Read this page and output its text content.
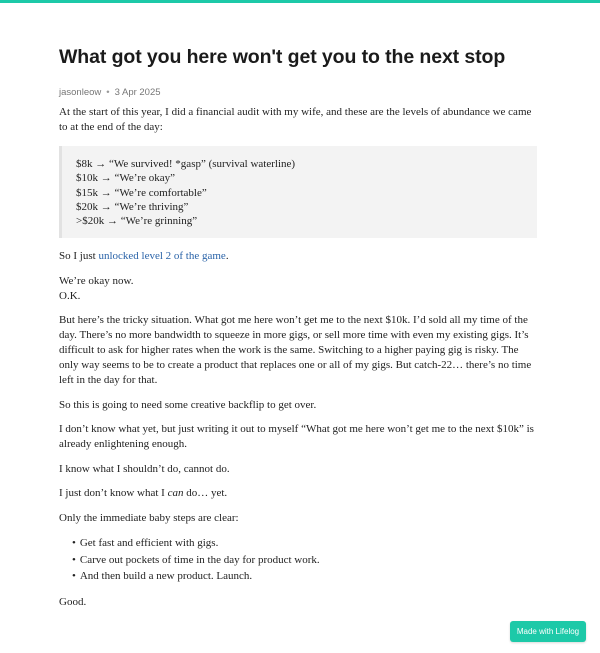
What got you here won't get you to the next stop
jasonleow • 3 Apr 2025

At the start of this year, I did a financial audit with my wife, and these are the levels of abundance we came to at the end of the day:

$8k → “We survived! *gasp” (survival waterline)
$10k → “We’re okay”
$15k → “We’re comfortable”
$20k → “We’re thriving”
>$20k → “We’re grinning”

So I just unlocked level 2 of the game.

We’re okay now.
O.K.

But here’s the tricky situation. What got me here won’t get me to the next $10k. I’d sold all my time of the day. There’s no more bandwidth to squeeze in more gigs, or sell more time with even my existing gigs. It’s difficult to ask for higher rates when the work is the same. Switching to a higher paying gig is risky. The only way seems to be to create a product that replaces one or all of my gigs. But catch-22… there’s no time left in the day for that.

So this is going to need some creative backflip to get over.

I don’t know what yet, but just writing it out to myself “What got me here won’t get me to the next $10k” is already enlightening enough.

I know what I shouldn’t do, cannot do.

I just don’t know what I can do… yet.

Only the immediate baby steps are clear:

• Get fast and efficient with gigs.
• Carve out pockets of time in the day for product work.
• And then build a new product. Launch.

Good.

Made with Lifelog
